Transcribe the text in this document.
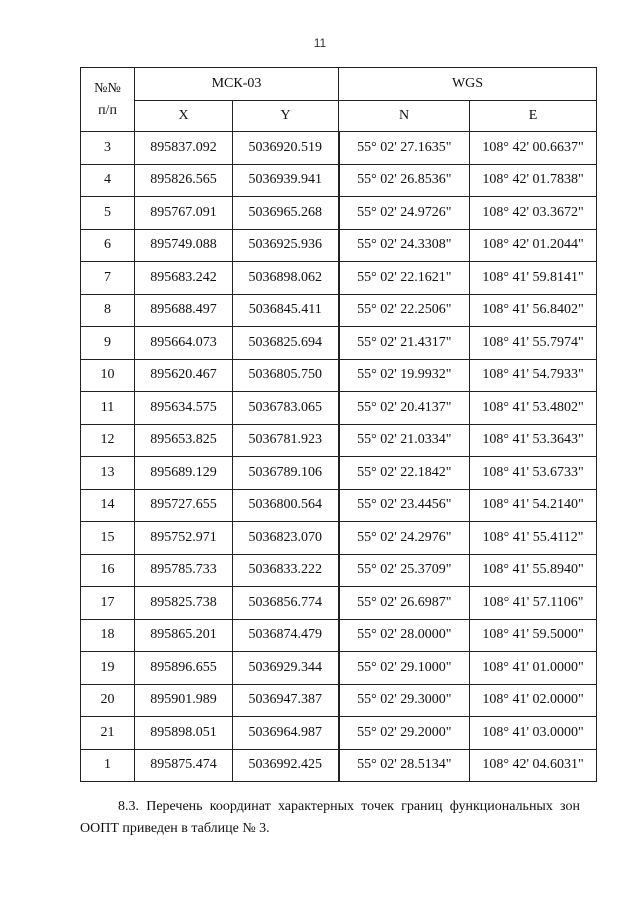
11
№№
п/п	МСК-03		WGS	
	X	Y	N	E
3	895837.092	5036920.519	55° 02' 27.1635"	108° 42' 00.6637"
4	895826.565	5036939.941	55° 02' 26.8536"	108° 42' 01.7838"
5	895767.091	5036965.268	55° 02' 24.9726"	108° 42' 03.3672"
6	895749.088	5036925.936	55° 02' 24.3308"	108° 42' 01.2044"
7	895683.242	5036898.062	55° 02' 22.1621"	108° 41' 59.8141"
8	895688.497	5036845.411	55° 02' 22.2506"	108° 41' 56.8402"
9	895664.073	5036825.694	55° 02' 21.4317"	108° 41' 55.7974"
10	895620.467	5036805.750	55° 02' 19.9932"	108° 41' 54.7933"
11	895634.575	5036783.065	55° 02' 20.4137"	108° 41' 53.4802"
12	895653.825	5036781.923	55° 02' 21.0334"	108° 41' 53.3643"
13	895689.129	5036789.106	55° 02' 22.1842"	108° 41' 53.6733"
14	895727.655	5036800.564	55° 02' 23.4456"	108° 41' 54.2140"
15	895752.971	5036823.070	55° 02' 24.2976"	108° 41' 55.4112"
16	895785.733	5036833.222	55° 02' 25.3709"	108° 41' 55.8940"
17	895825.738	5036856.774	55° 02' 26.6987"	108° 41' 57.1106"
18	895865.201	5036874.479	55° 02' 28.0000"	108° 41' 59.5000"
19	895896.655	5036929.344	55° 02' 29.1000"	108° 41' 01.0000"
20	895901.989	5036947.387	55° 02' 29.3000"	108° 41' 02.0000"
21	895898.051	5036964.987	55° 02' 29.2000"	108° 41' 03.0000"
1	895875.474	5036992.425	55° 02' 28.5134"	108° 42' 04.6031"
8.3. Перечень координат характерных точек границ функциональных зон ООПТ приведен в таблице № 3.
